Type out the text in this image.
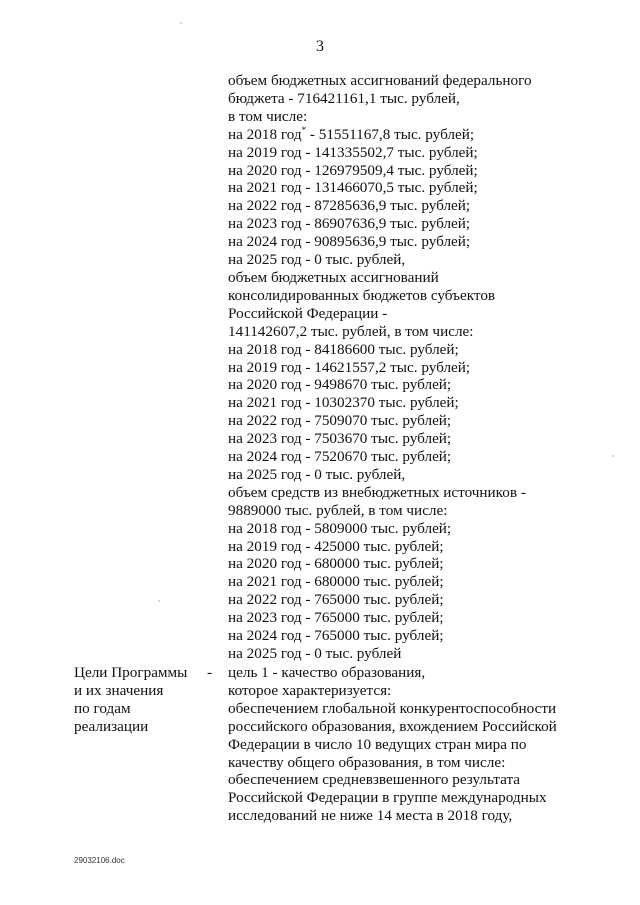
3
объем бюджетных ассигнований федерального
бюджета - 716421161,1 тыс. рублей,
в том числе:
на 2018 год* - 51551167,8 тыс. рублей;
на 2019 год - 141335502,7 тыс. рублей;
на 2020 год - 126979509,4 тыс. рублей;
на 2021 год - 131466070,5 тыс. рублей;
на 2022 год - 87285636,9 тыс. рублей;
на 2023 год - 86907636,9 тыс. рублей;
на 2024 год - 90895636,9 тыс. рублей;
на 2025 год - 0 тыс. рублей,
объем бюджетных ассигнований
консолидированных бюджетов субъектов
Российской Федерации -
141142607,2 тыс. рублей, в том числе:
на 2018 год - 84186600 тыс. рублей;
на 2019 год - 14621557,2 тыс. рублей;
на 2020 год - 9498670 тыс. рублей;
на 2021 год - 10302370 тыс. рублей;
на 2022 год - 7509070 тыс. рублей;
на 2023 год - 7503670 тыс. рублей;
на 2024 год - 7520670 тыс. рублей;
на 2025 год - 0 тыс. рублей,
объем средств из внебюджетных источников -
9889000 тыс. рублей, в том числе:
на 2018 год - 5809000 тыс. рублей;
на 2019 год - 425000 тыс. рублей;
на 2020 год - 680000 тыс. рублей;
на 2021 год - 680000 тыс. рублей;
на 2022 год - 765000 тыс. рублей;
на 2023 год - 765000 тыс. рублей;
на 2024 год - 765000 тыс. рублей;
на 2025 год - 0 тыс. рублей
Цели Программы
и их значения
по годам
реализации
- цель 1 - качество образования,
которое характеризуется:
обеспечением глобальной конкурентоспособности
российского образования, вхождением Российской
Федерации в число 10 ведущих стран мира по
качеству общего образования, в том числе:
обеспечением средневзвешенного результата
Российской Федерации в группе международных
исследований не ниже 14 места в 2018 году,
29032106.doc
